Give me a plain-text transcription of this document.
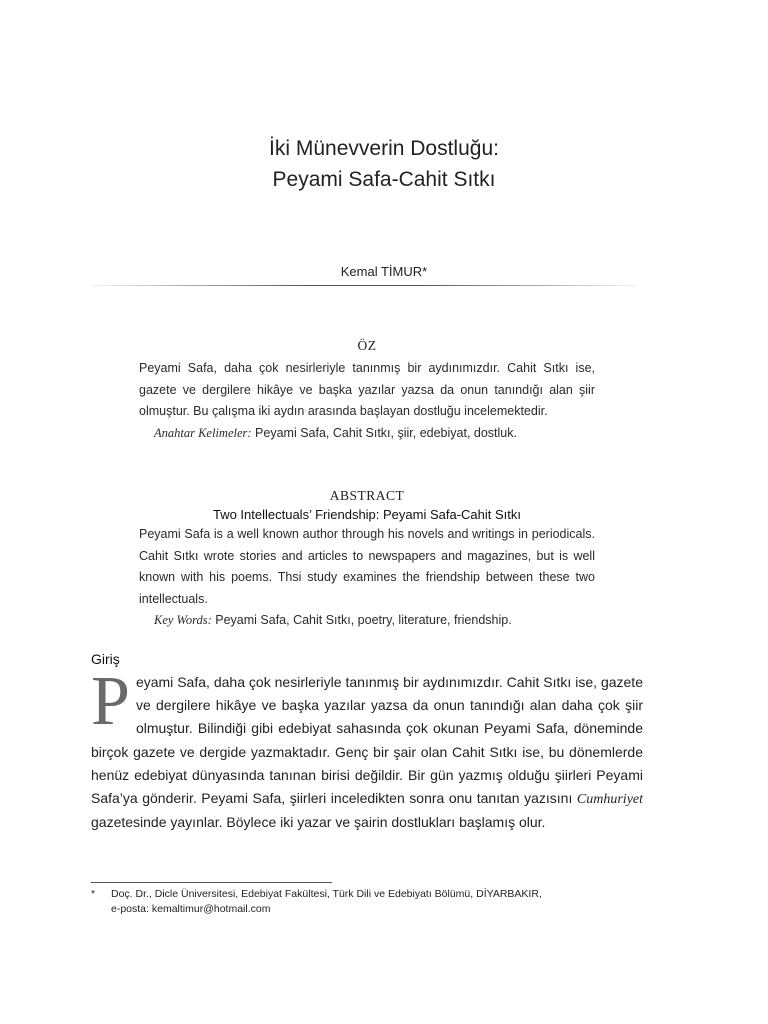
İki Münevverin Dostluğu:
Peyami Safa-Cahit Sıtkı
Kemal TİMUR*
ÖZ
Peyami Safa, daha çok nesirleriyle tanınmış bir aydınımızdır. Cahit Sıtkı ise, gazete ve dergilere hikâye ve başka yazılar yazsa da onun tanındığı alan şiir olmuştur. Bu çalışma iki aydın arasında başlayan dostluğu incelemektedir.
Anahtar Kelimeler: Peyami Safa, Cahit Sıtkı, şiir, edebiyat, dostluk.
ABSTRACT
Two Intellectuals’ Friendship: Peyami Safa-Cahit Sıtkı
Peyami Safa is a well known author through his novels and writings in periodicals. Cahit Sıtkı wrote stories and articles to newspapers and magazines, but is well known with his poems. Thsi study examines the friendship between these two intellectuals.
Key Words: Peyami Safa, Cahit Sıtkı, poetry, literature, friendship.
Giriş
Peyami Safa, daha çok nesirleriyle tanınmış bir aydınımızdır. Cahit Sıtkı ise, gazete ve dergilere hikâye ve başka yazılar yazsa da onun tanındığı alan daha çok şiir olmuştur. Bilindiği gibi edebiyat sahasında çok okunan Peyami Safa, döneminde birçok gazete ve dergide yazmaktadır. Genç bir şair olan Cahit Sıtkı ise, bu dönemlerde henüz edebiyat dünyasında tanınan birisi değildir. Bir gün yazmış olduğu şiirleri Peyami Safa’ya gönderir. Peyami Safa, şiirleri inceledikten sonra onu tanıtan yazısını Cumhuriyet gazetesinde yayınlar. Böylece iki yazar ve şairin dostlukları başlamış olur.
* Doç. Dr., Dicle Üniversitesi, Edebiyat Fakültesi, Türk Dili ve Edebiyatı Bölümü, DİYARBAKIR,
e-posta: kemaltimur@hotmail.com
